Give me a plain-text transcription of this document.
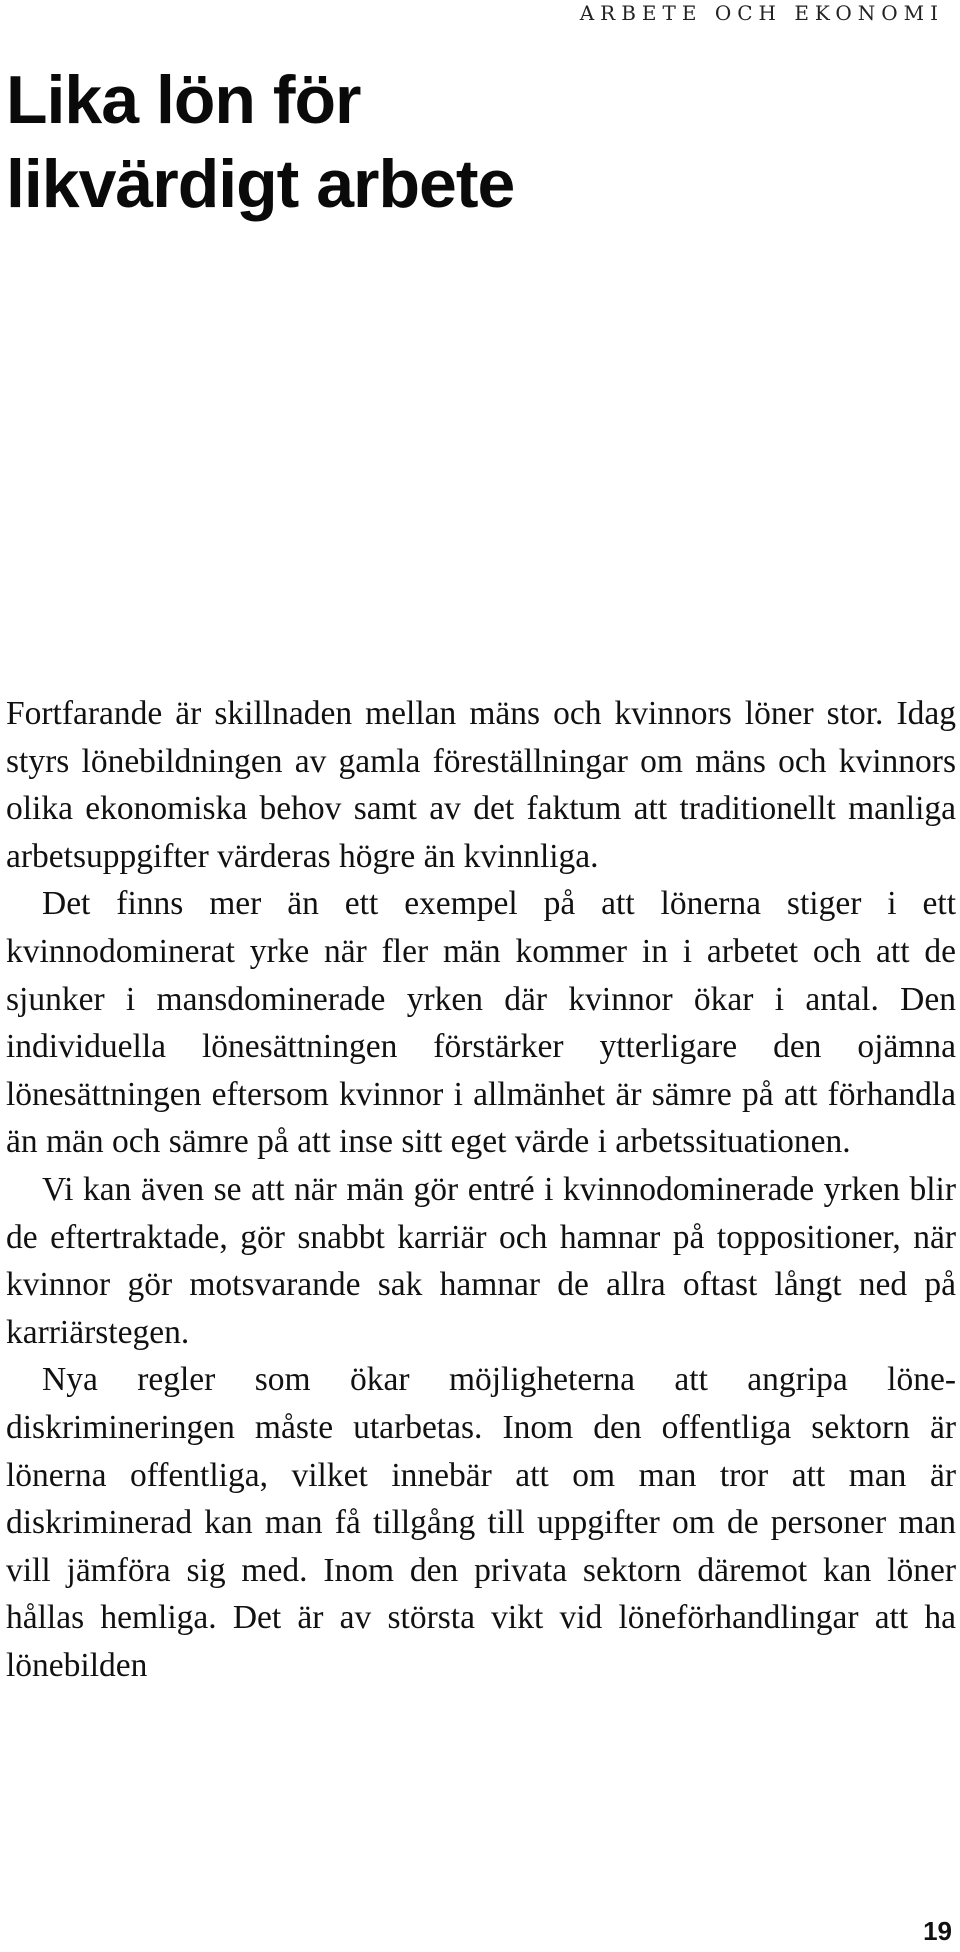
ARBETE OCH EKONOMI
Lika lön för
likvärdigt arbete

Fortfarande är skillnaden mellan mäns och kvinnors löner stor. Idag styrs lönebildningen av gamla föreställningar om mäns och kvinnors olika ekonomiska behov samt av det faktum att traditionellt manliga arbetsuppgifter värderas högre än kvinnliga.

Det finns mer än ett exempel på att lönerna stiger i ett kvinnodominerat yrke när fler män kommer in i arbetet och att de sjunker i mansdominerade yrken där kvinnor ökar i antal. Den individuella lönesättningen förstärker ytterligare den ojämna lönesättningen eftersom kvinnor i allmänhet är sämre på att förhandla än män och sämre på att inse sitt eget värde i arbetssituationen.

Vi kan även se att när män gör entré i kvinnodominerade yrken blir de eftertraktade, gör snabbt karriär och hamnar på toppositioner, när kvinnor gör motsvarande sak hamnar de allra oftast långt ned på karriärstegen.

Nya regler som ökar möjligheterna att angripa lönediskrimineringen måste utarbetas. Inom den offentliga sektorn är lönerna offentliga, vilket innebär att om man tror att man är diskriminerad kan man få tillgång till uppgifter om de personer man vill jämföra sig med. Inom den privata sektorn däremot kan löner hållas hemliga. Det är av största vikt vid löneförhandlingar att ha lönebilden

19
